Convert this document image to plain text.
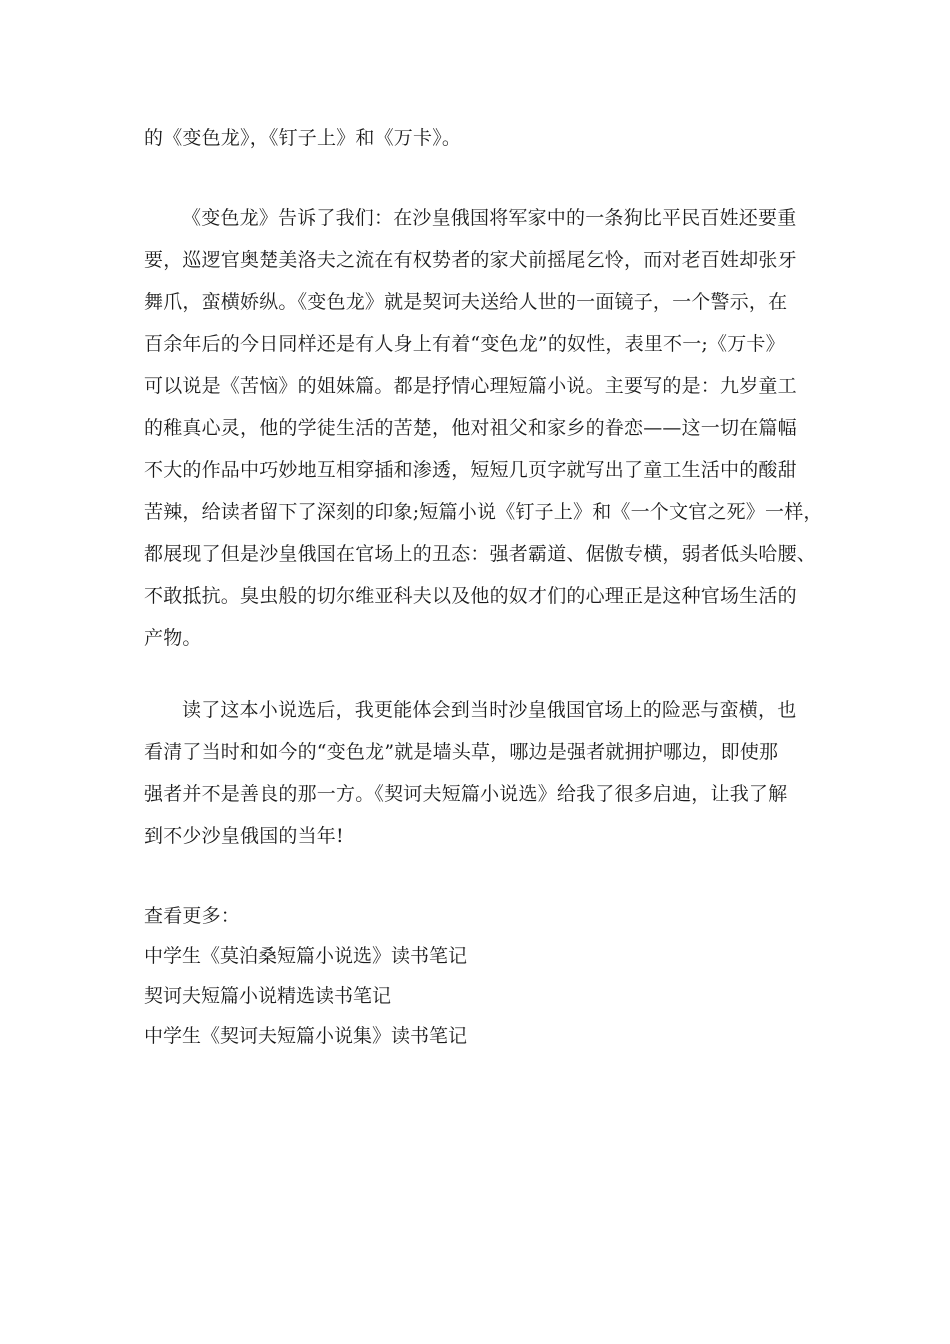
的《变色龙》，《钉子上》和《万卡》。
《变色龙》告诉了我们：在沙皇俄国将军家中的一条狗比平民百姓还要重
要，巡逻官奥楚美洛夫之流在有权势者的家犬前摇尾乞怜，而对老百姓却张牙
舞爪，蛮横娇纵。《变色龙》就是契诃夫送给人世的一面镜子，一个警示，在
百余年后的今日同样还是有人身上有着“变色龙”的奴性，表里不一;《万卡》
可以说是《苦恼》的姐妹篇。都是抒情心理短篇小说。主要写的是：九岁童工
的稚真心灵，他的学徒生活的苦楚，他对祖父和家乡的眷恋——这一切在篇幅
不大的作品中巧妙地互相穿插和渗透，短短几页字就写出了童工生活中的酸甜
苦辣，给读者留下了深刻的印象;短篇小说《钉子上》和《一个文官之死》一样，
都展现了但是沙皇俄国在官场上的丑态：强者霸道、倨傲专横，弱者低头哈腰、
不敢抵抗。臭虫般的切尔维亚科夫以及他的奴才们的心理正是这种官场生活的
产物。
读了这本小说选后，我更能体会到当时沙皇俄国官场上的险恶与蛮横，也
看清了当时和如今的“变色龙”就是墙头草，哪边是强者就拥护哪边，即使那
强者并不是善良的那一方。《契诃夫短篇小说选》给我了很多启迪，让我了解
到不少沙皇俄国的当年!
查看更多：
中学生《莫泊桑短篇小说选》读书笔记
契诃夫短篇小说精选读书笔记
中学生《契诃夫短篇小说集》读书笔记
